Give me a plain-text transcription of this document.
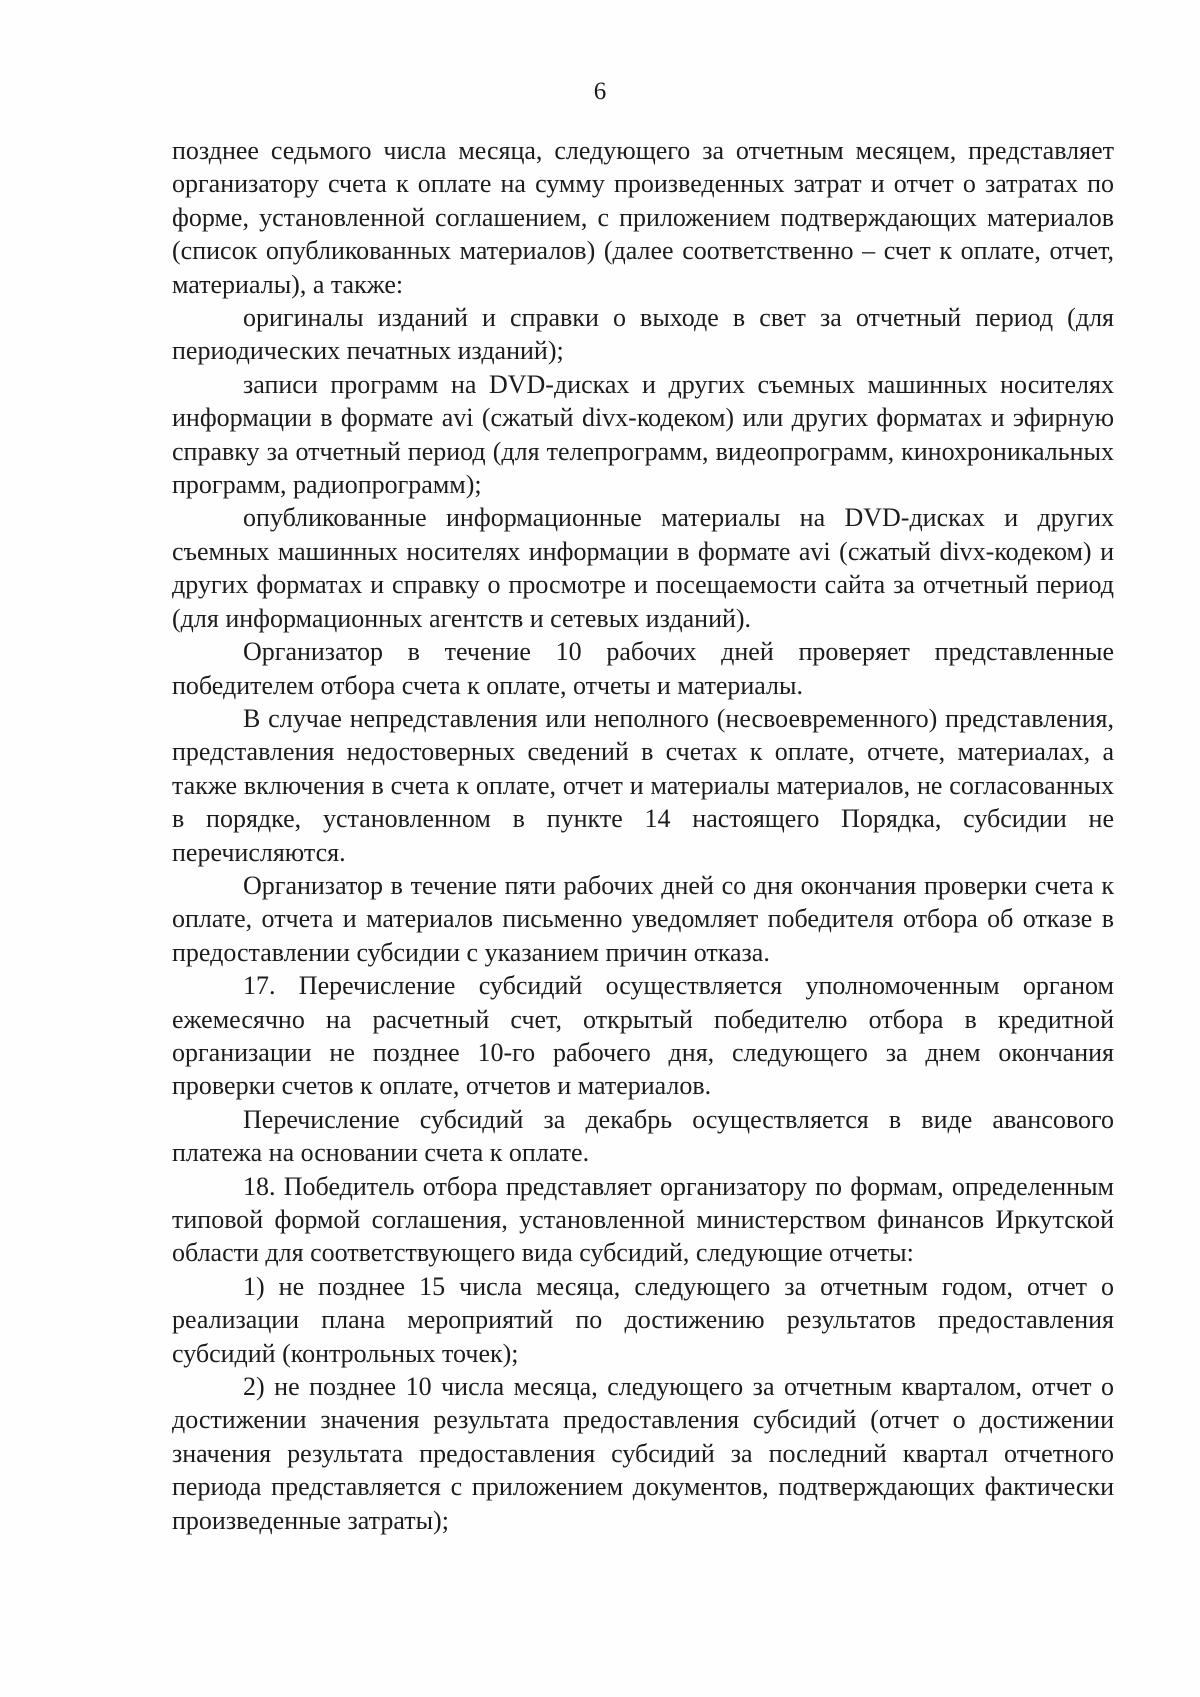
6

позднее седьмого числа месяца, следующего за отчетным месяцем, представляет организатору счета к оплате на сумму произведенных затрат и отчет о затратах по форме, установленной соглашением, с приложением подтверждающих материалов (список опубликованных материалов) (далее соответственно – счет к оплате, отчет, материалы), а также:

оригиналы изданий и справки о выходе в свет за отчетный период (для периодических печатных изданий);

записи программ на DVD-дисках и других съемных машинных носителях информации в формате avi (сжатый divx-кодеком) или других форматах и эфирную справку за отчетный период (для телепрограмм, видеопрограмм, кинохроникальных программ, радиопрограмм);

опубликованные информационные материалы на DVD-дисках и других съемных машинных носителях информации в формате avi (сжатый divx-кодеком) и других форматах и справку о просмотре и посещаемости сайта за отчетный период (для информационных агентств и сетевых изданий).

Организатор в течение 10 рабочих дней проверяет представленные победителем отбора счета к оплате, отчеты и материалы.

В случае непредставления или неполного (несвоевременного) представления, представления недостоверных сведений в счетах к оплате, отчете, материалах, а также включения в счета к оплате, отчет и материалы материалов, не согласованных в порядке, установленном в пункте 14 настоящего Порядка, субсидии не перечисляются.

Организатор в течение пяти рабочих дней со дня окончания проверки счета к оплате, отчета и материалов письменно уведомляет победителя отбора об отказе в предоставлении субсидии с указанием причин отказа.

17. Перечисление субсидий осуществляется уполномоченным органом ежемесячно на расчетный счет, открытый победителю отбора в кредитной организации не позднее 10-го рабочего дня, следующего за днем окончания проверки счетов к оплате, отчетов и материалов.

Перечисление субсидий за декабрь осуществляется в виде авансового платежа на основании счета к оплате.

18. Победитель отбора представляет организатору по формам, определенным типовой формой соглашения, установленной министерством финансов Иркутской области для соответствующего вида субсидий, следующие отчеты:

1) не позднее 15 числа месяца, следующего за отчетным годом, отчет о реализации плана мероприятий по достижению результатов предоставления субсидий (контрольных точек);

2) не позднее 10 числа месяца, следующего за отчетным кварталом, отчет о достижении значения результата предоставления субсидий (отчет о достижении значения результата предоставления субсидий за последний квартал отчетного периода представляется с приложением документов, подтверждающих фактически произведенные затраты);
